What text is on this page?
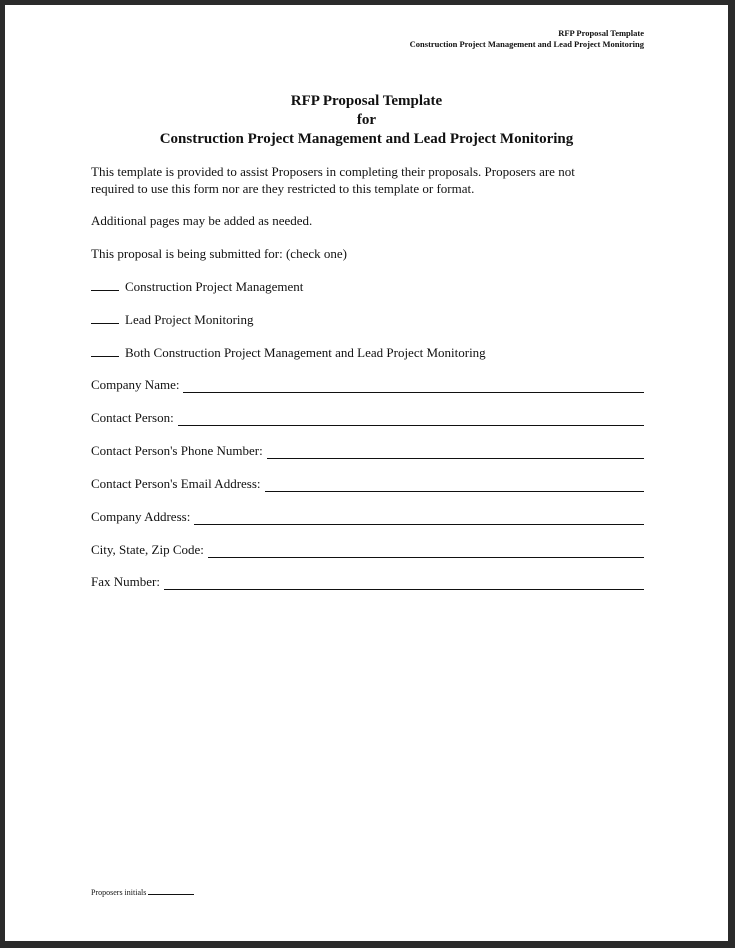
RFP Proposal Template
Construction Project Management and Lead Project Monitoring
RFP Proposal Template
for
Construction Project Management and Lead Project Monitoring
This template is provided to assist Proposers in completing their proposals. Proposers are not
required to use this form nor are they restricted to this template or format.
Additional pages may be added as needed.
This proposal is being submitted for: (check one)
Construction Project Management
Lead Project Monitoring
Both Construction Project Management and Lead Project Monitoring
Company Name:
Contact Person:
Contact Person's Phone Number:
Contact Person's Email Address:
Company Address:
City, State, Zip Code:
Fax Number:
Proposers initials
